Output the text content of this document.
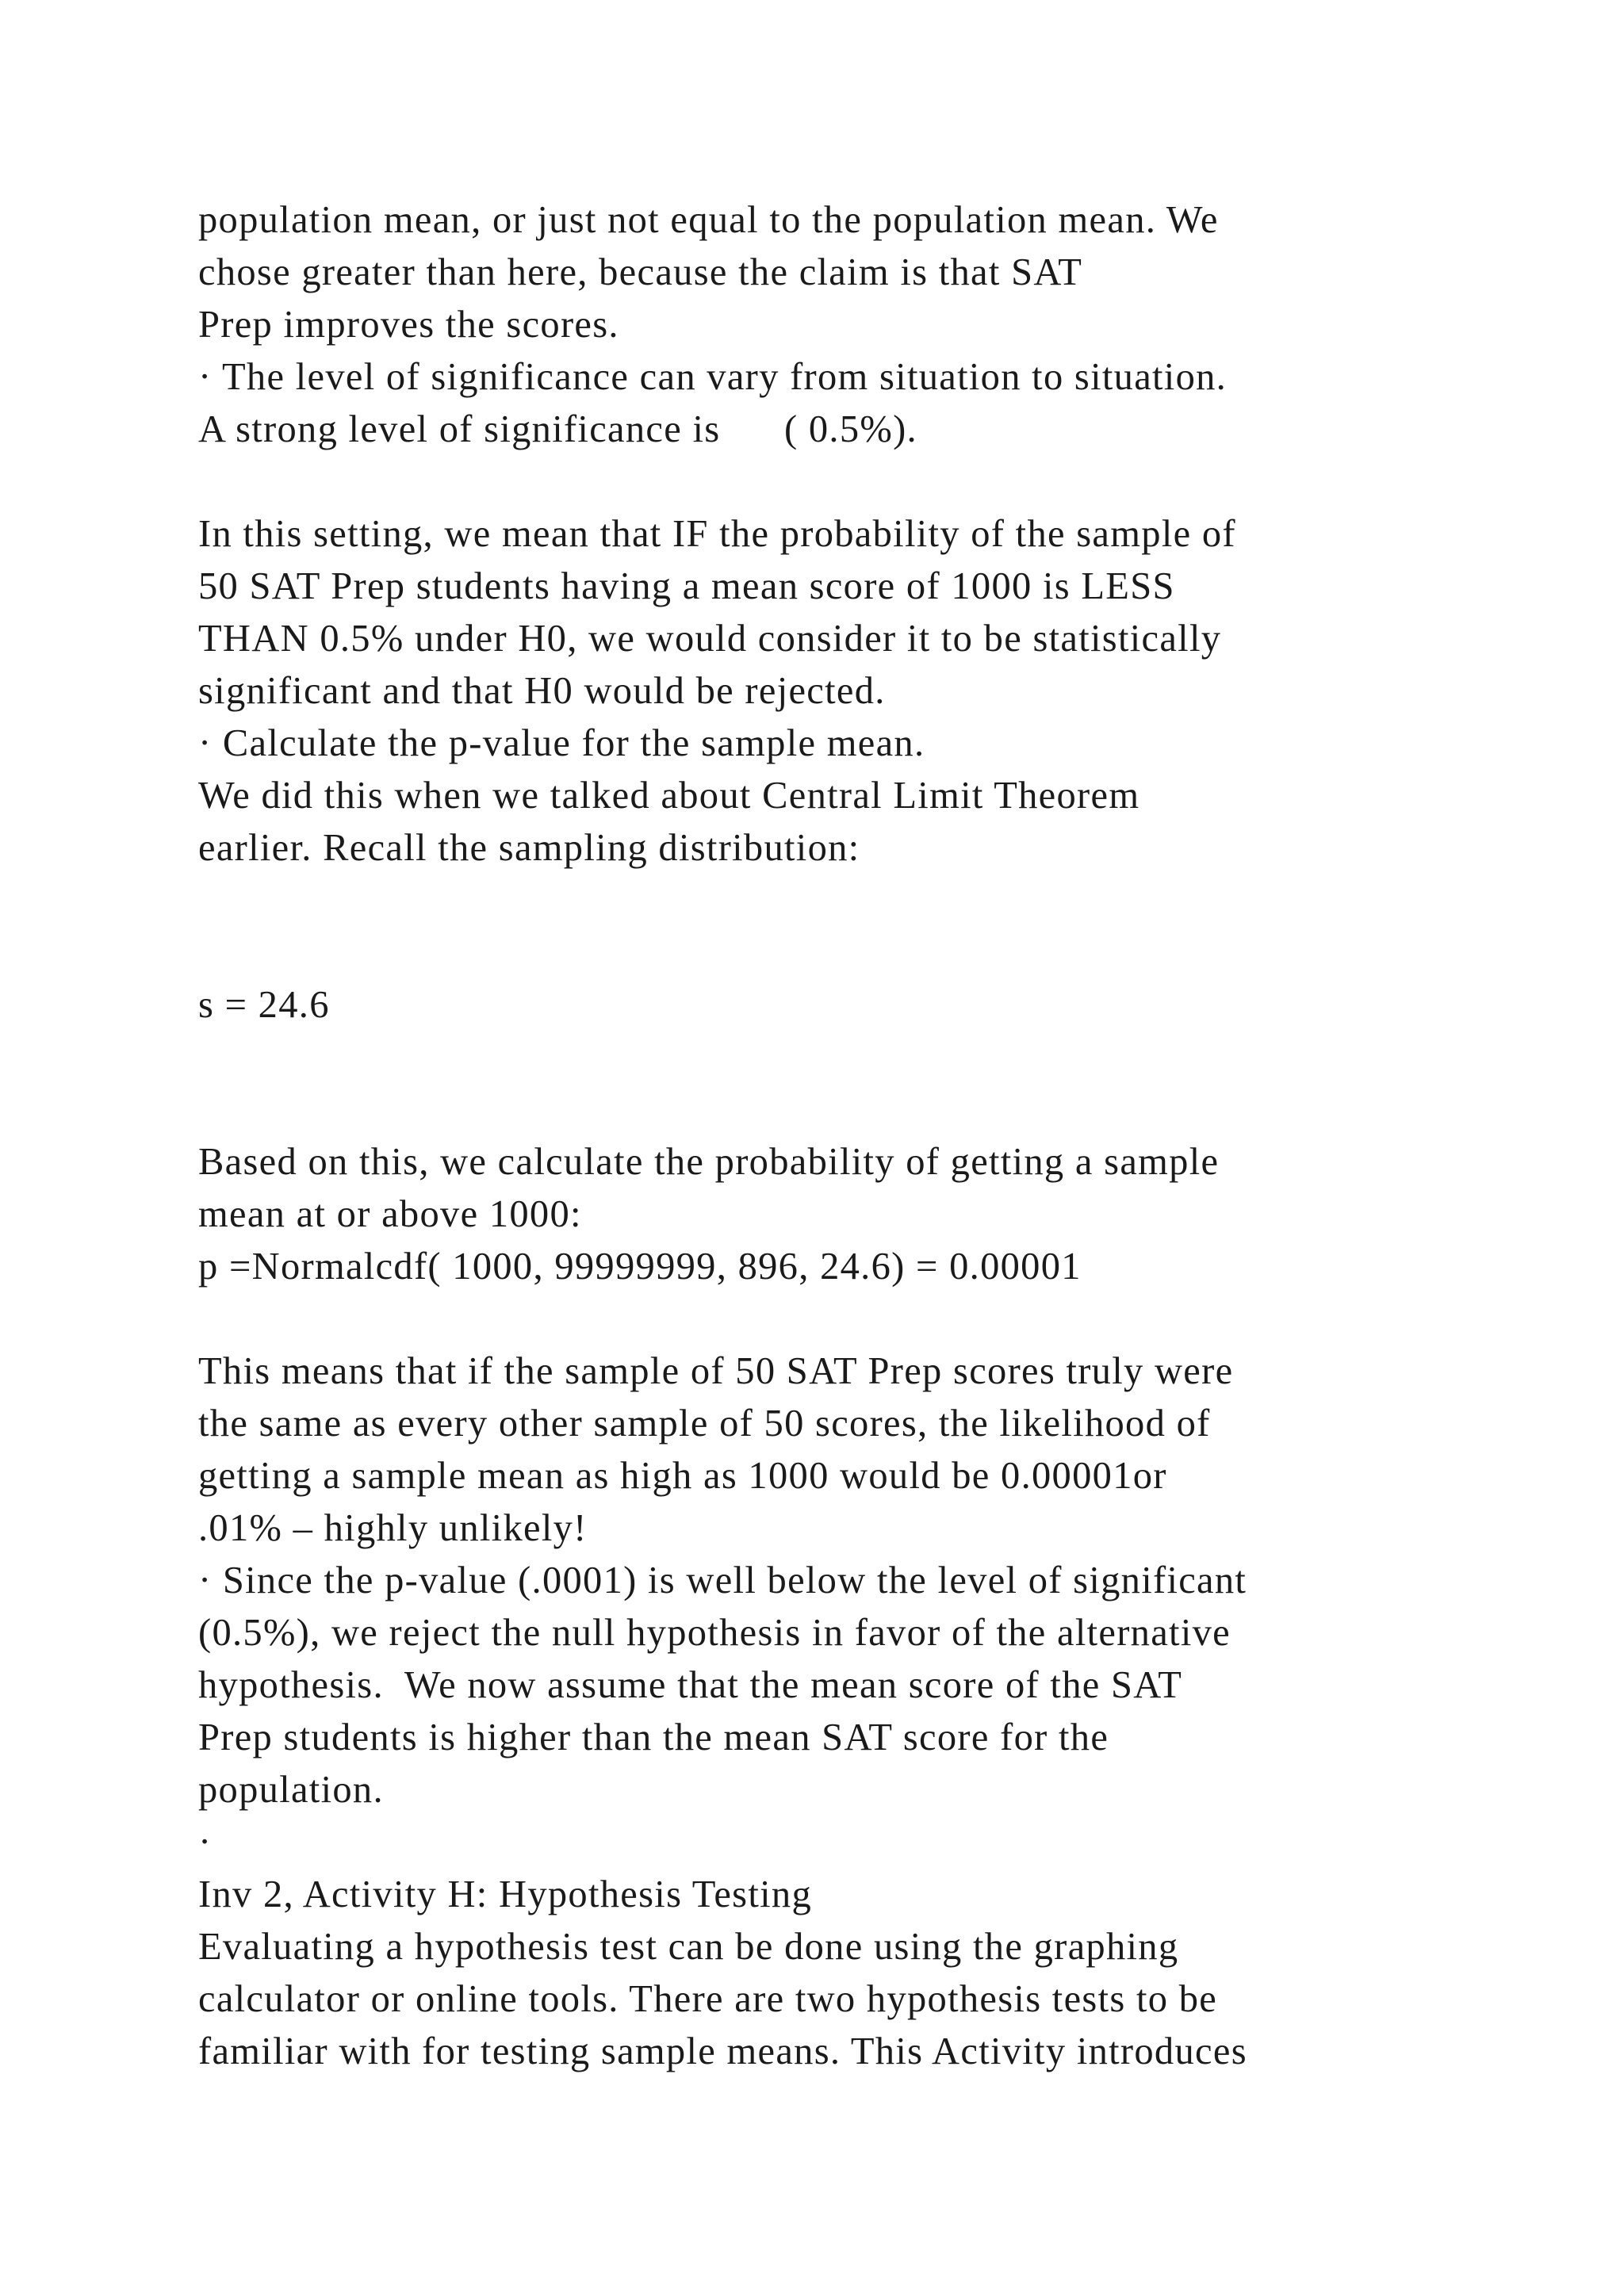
population mean, or just not equal to the population mean. We

chose greater than here, because the claim is that SAT

Prep improves the scores.

· The level of significance can vary from situation to situation.

A strong level of significance is      ( 0.5%).

In this setting, we mean that IF the probability of the sample of

50 SAT Prep students having a mean score of 1000 is LESS

THAN 0.5% under H0, we would consider it to be statistically

significant and that H0 would be rejected.

· Calculate the p-value for the sample mean.

We did this when we talked about Central Limit Theorem

earlier. Recall the sampling distribution:

s = 24.6

Based on this, we calculate the probability of getting a sample

mean at or above 1000:

p =Normalcdf( 1000, 99999999, 896, 24.6) = 0.00001

This means that if the sample of 50 SAT Prep scores truly were

the same as every other sample of 50 scores, the likelihood of

getting a sample mean as high as 1000 would be 0.00001or

.01% – highly unlikely!

· Since the p-value (.0001) is well below the level of significant

(0.5%), we reject the null hypothesis in favor of the alternative

hypothesis.  We now assume that the mean score of the SAT

Prep students is higher than the mean SAT score for the

population.

·

Inv 2, Activity H: Hypothesis Testing

Evaluating a hypothesis test can be done using the graphing

calculator or online tools. There are two hypothesis tests to be

familiar with for testing sample means. This Activity introduces
